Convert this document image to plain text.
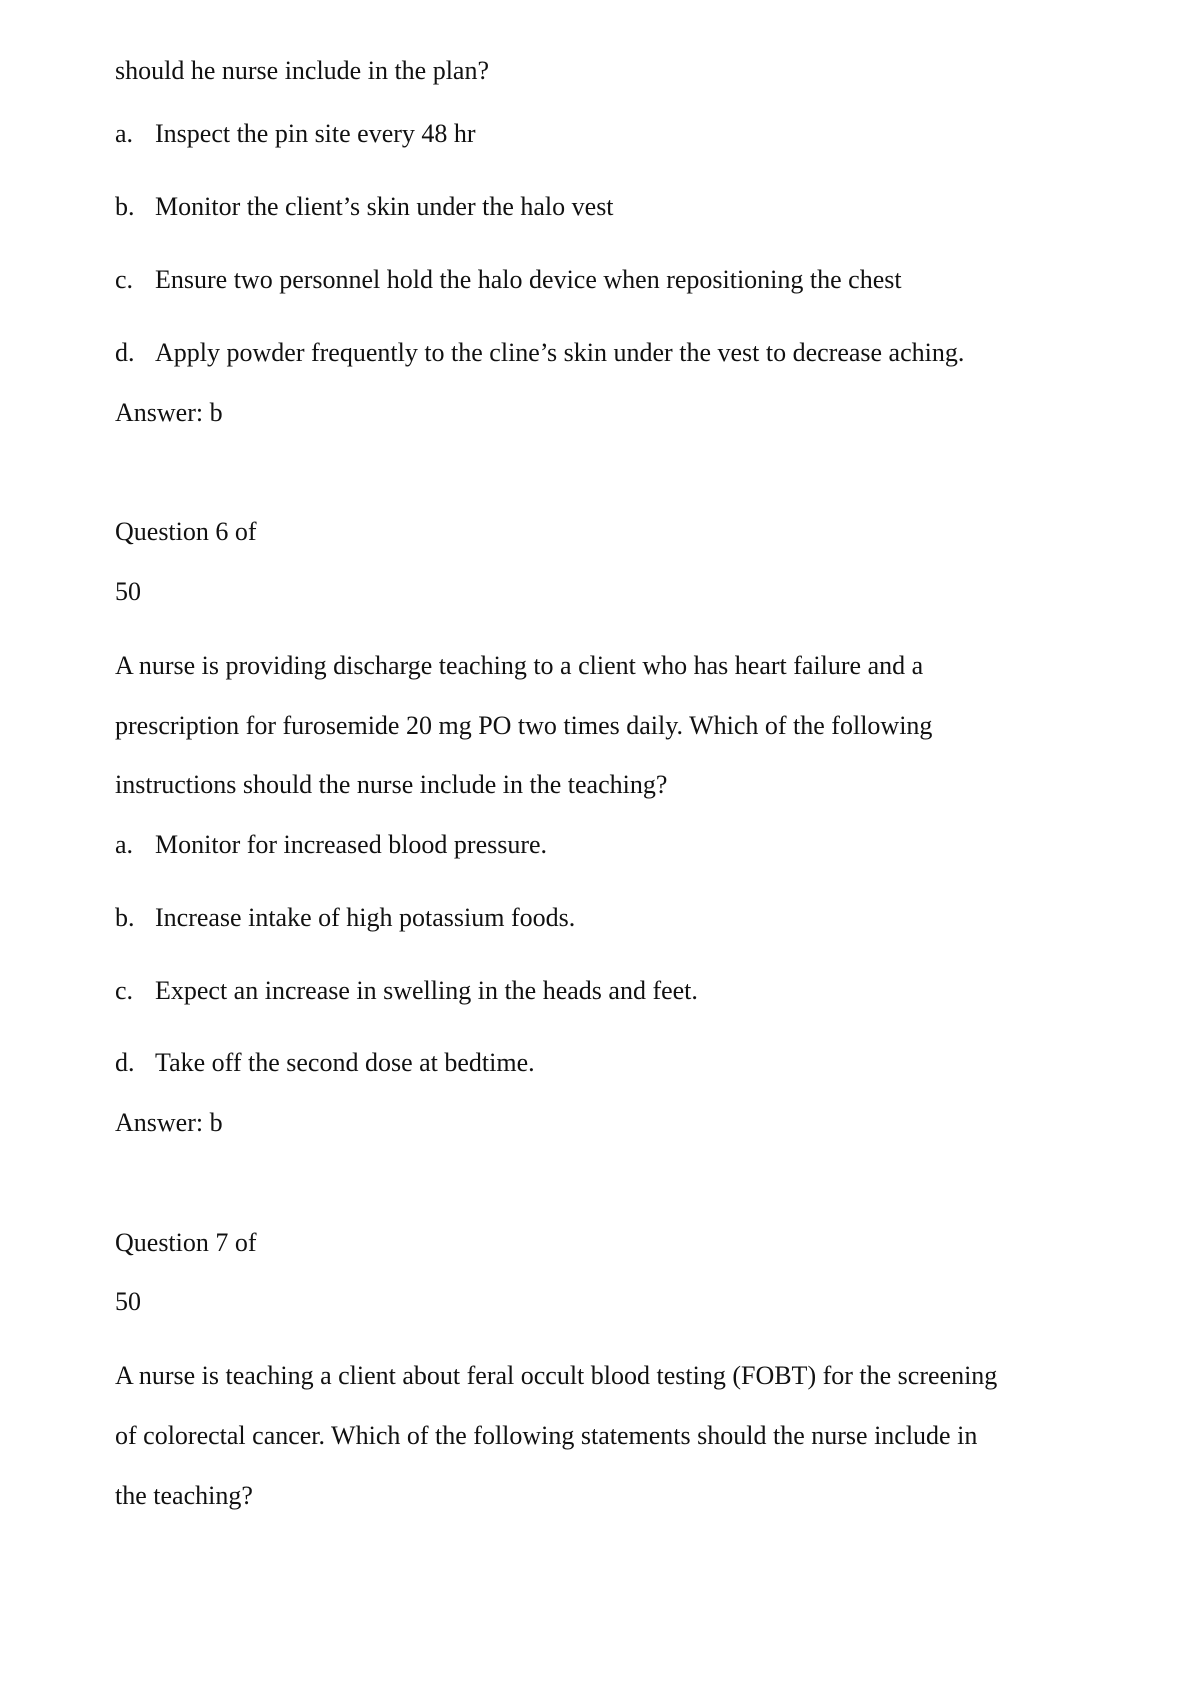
should he nurse include in the plan?
a. Inspect the pin site every 48 hr
b. Monitor the client’s skin under the halo vest
c. Ensure two personnel hold the halo device when repositioning the chest
d. Apply powder frequently to the cline’s skin under the vest to decrease aching.
Answer: b
Question 6 of
50
A nurse is providing discharge teaching to a client who has heart failure and a
prescription for furosemide 20 mg PO two times daily. Which of the following
instructions should the nurse include in the teaching?
a. Monitor for increased blood pressure.
b. Increase intake of high potassium foods.
c. Expect an increase in swelling in the heads and feet.
d. Take off the second dose at bedtime.
Answer: b
Question 7 of
50
A nurse is teaching a client about feral occult blood testing (FOBT) for the screening
of colorectal cancer. Which of the following statements should the nurse include in
the teaching?
